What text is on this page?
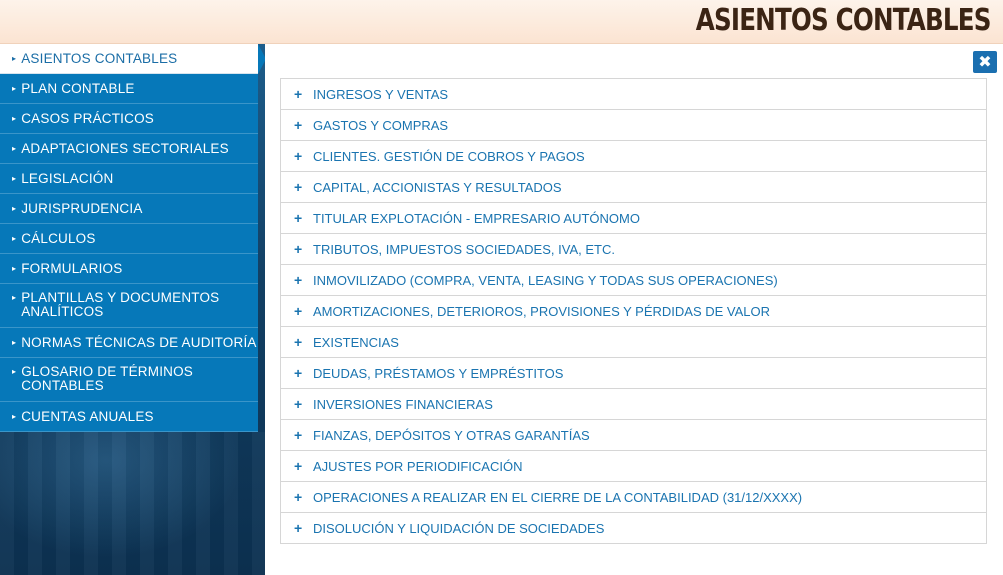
ASIENTOS CONTABLES
▸ ASIENTOS CONTABLES
▸ PLAN CONTABLE
▸ CASOS PRÁCTICOS
▸ ADAPTACIONES SECTORIALES
▸ LEGISLACIÓN
▸ JURISPRUDENCIA
▸ CÁLCULOS
▸ FORMULARIOS
▸ PLANTILLAS Y DOCUMENTOS
ANALÍTICOS
▸ NORMAS TÉCNICAS DE AUDITORÍA
▸ GLOSARIO DE TÉRMINOS
CONTABLES
▸ CUENTAS ANUALES
✖
+ INGRESOS Y VENTAS
+ GASTOS Y COMPRAS
+ CLIENTES. GESTIÓN DE COBROS Y PAGOS
+ CAPITAL, ACCIONISTAS Y RESULTADOS
+ TITULAR EXPLOTACIÓN - EMPRESARIO AUTÓNOMO
+ TRIBUTOS, IMPUESTOS SOCIEDADES, IVA, ETC.
+ INMOVILIZADO (COMPRA, VENTA, LEASING Y TODAS SUS OPERACIONES)
+ AMORTIZACIONES, DETERIOROS, PROVISIONES Y PÉRDIDAS DE VALOR
+ EXISTENCIAS
+ DEUDAS, PRÉSTAMOS Y EMPRÉSTITOS
+ INVERSIONES FINANCIERAS
+ FIANZAS, DEPÓSITOS Y OTRAS GARANTÍAS
+ AJUSTES POR PERIODIFICACIÓN
+ OPERACIONES A REALIZAR EN EL CIERRE DE LA CONTABILIDAD (31/12/XXXX)
+ DISOLUCIÓN Y LIQUIDACIÓN DE SOCIEDADES
